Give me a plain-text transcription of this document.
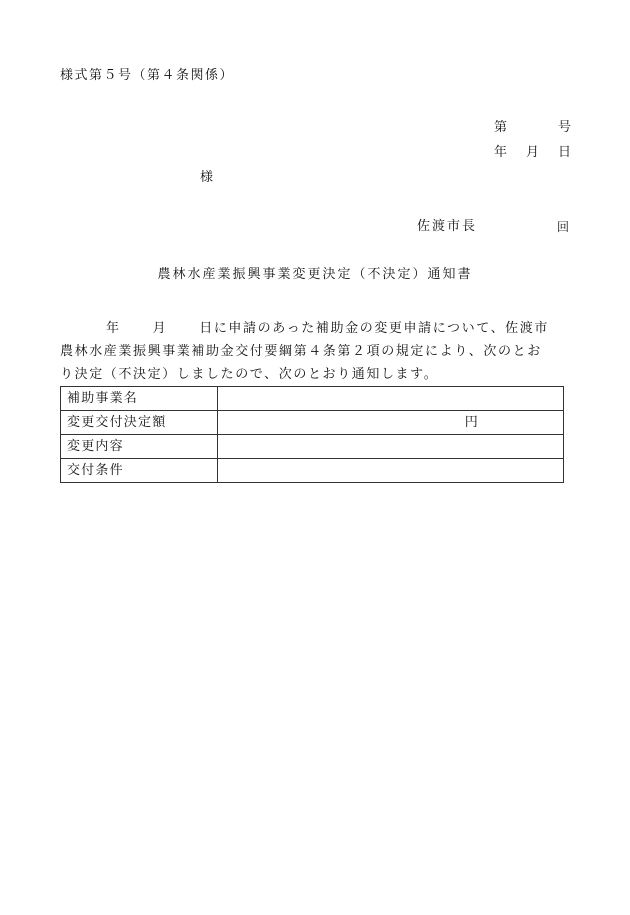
様式第５号（第４条関係）
第	号
年 月 日
様
佐渡市長	回
農林水産業振興事業変更決定（不決定）通知書
年 月 日に申請のあった補助金の変更申請について、佐渡市
農林水産業振興事業補助金交付要綱第４条第２項の規定により、次のとお
り決定（不決定）しましたので、次のとおり通知します。
補助事業名	
変更交付決定額	円
変更内容	
交付条件	
